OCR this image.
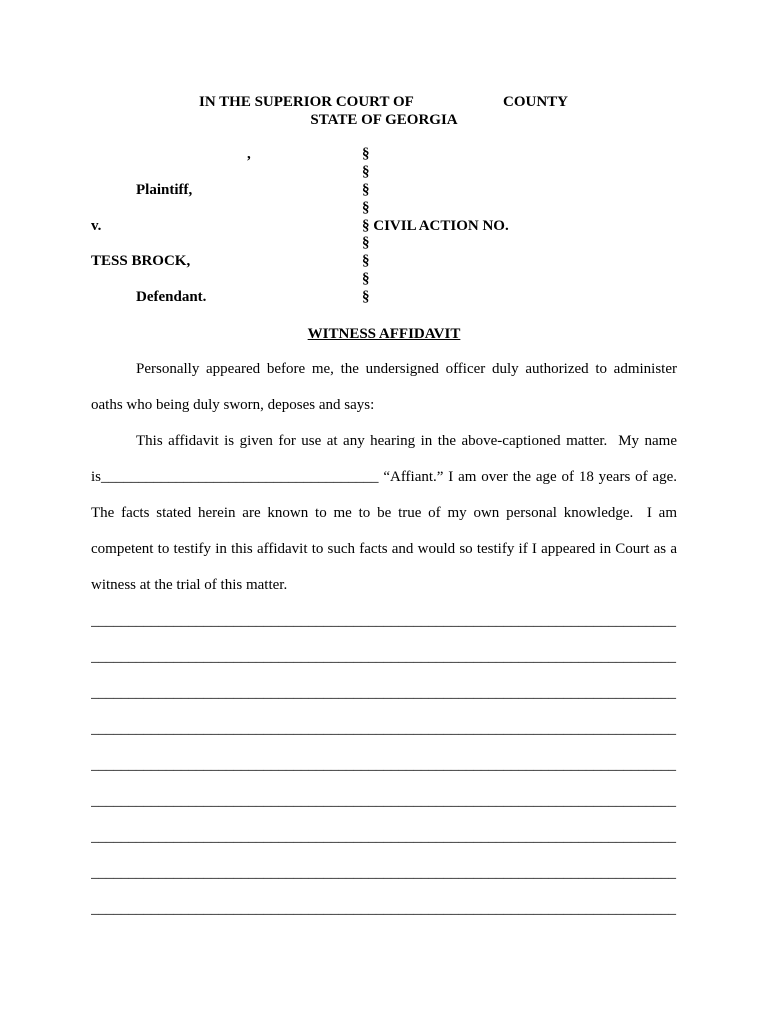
IN THE SUPERIOR COURT OF	COUNTY
STATE OF GEORGIA
,
Plaintiff,
v.
TESS BROCK,
Defendant.
§
§
§
§
§ CIVIL ACTION NO.
§
§
§
§
WITNESS AFFIDAVIT
Personally appeared before me, the undersigned officer duly authorized to administer
oaths who being duly sworn, deposes and says:
This affidavit is given for use at any hearing in the above-captioned matter.  My name
is_____________________________________ “Affiant.” I am over the age of 18 years of age.
The facts stated herein are known to me to be true of my own personal knowledge.  I am
competent to testify in this affidavit to such facts and would so testify if I appeared in Court as a
witness at the trial of this matter.
______________________________________________________________________________
______________________________________________________________________________
______________________________________________________________________________
______________________________________________________________________________
______________________________________________________________________________
______________________________________________________________________________
______________________________________________________________________________
______________________________________________________________________________
______________________________________________________________________________
